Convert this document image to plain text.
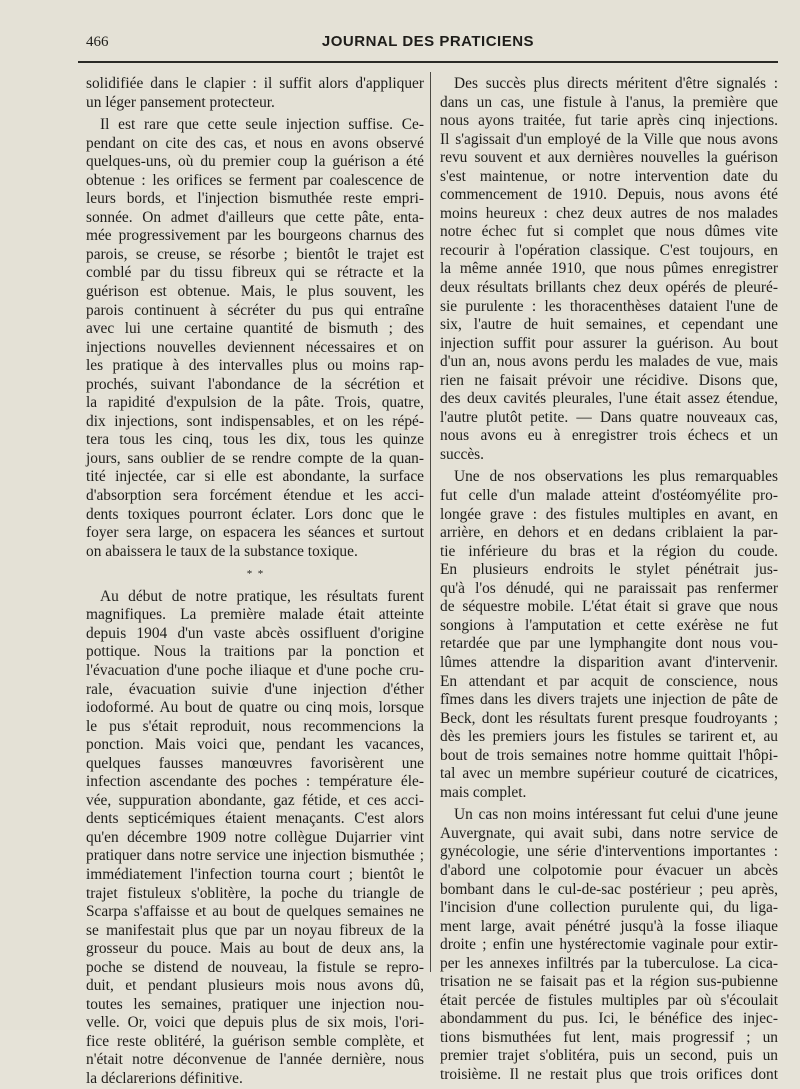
466	JOURNAL DES PRATICIENS
solidifiée dans le clapier : il suffit alors d'appliquer
un léger pansement protecteur.
Il est rare que cette seule injection suffise. Ce-
pendant on cite des cas, et nous en avons observé
quelques-uns, où du premier coup la guérison a été
obtenue : les orifices se ferment par coalescence de
leurs bords, et l'injection bismuthée reste empri-
sonnée. On admet d'ailleurs que cette pâte, enta-
mée progressivement par les bourgeons charnus des
parois, se creuse, se résorbe ; bientôt le trajet est
comblé par du tissu fibreux qui se rétracte et la
guérison est obtenue. Mais, le plus souvent, les
parois continuent à sécréter du pus qui entraîne
avec lui une certaine quantité de bismuth ; des
injections nouvelles deviennent nécessaires et on
les pratique à des intervalles plus ou moins rap-
prochés, suivant l'abondance de la sécrétion et
la rapidité d'expulsion de la pâte. Trois, quatre,
dix injections, sont indispensables, et on les répé-
tera tous les cinq, tous les dix, tous les quinze
jours, sans oublier de se rendre compte de la quan-
tité injectée, car si elle est abondante, la surface
d'absorption sera forcément étendue et les acci-
dents toxiques pourront éclater. Lors donc que le
foyer sera large, on espacera les séances et surtout
on abaissera le taux de la substance toxique.
* *
Au début de notre pratique, les résultats furent
magnifiques. La première malade était atteinte
depuis 1904 d'un vaste abcès ossifluent d'origine
pottique. Nous la traitions par la ponction et
l'évacuation d'une poche iliaque et d'une poche cru-
rale, évacuation suivie d'une injection d'éther
iodoformé. Au bout de quatre ou cinq mois, lorsque
le pus s'était reproduit, nous recommencions la
ponction. Mais voici que, pendant les vacances,
quelques fausses manœuvres favorisèrent une
infection ascendante des poches : température éle-
vée, suppuration abondante, gaz fétide, et ces acci-
dents septicémiques étaient menaçants. C'est alors
qu'en décembre 1909 notre collègue Dujarrier vint
pratiquer dans notre service une injection bismuthée ;
immédiatement l'infection tourna court ; bientôt le
trajet fistuleux s'oblitère, la poche du triangle de
Scarpa s'affaisse et au bout de quelques semaines ne
se manifestait plus que par un noyau fibreux de la
grosseur du pouce. Mais au bout de deux ans, la
poche se distend de nouveau, la fistule se repro-
duit, et pendant plusieurs mois nous avons dû,
toutes les semaines, pratiquer une injection nou-
velle. Or, voici que depuis plus de six mois, l'ori-
fice reste oblitéré, la guérison semble complète, et
n'était notre déconvenue de l'année dernière, nous
la déclarerions définitive.
Des succès plus directs méritent d'être signalés :
dans un cas, une fistule à l'anus, la première que
nous ayons traitée, fut tarie après cinq injections.
Il s'agissait d'un employé de la Ville que nous avons
revu souvent et aux dernières nouvelles la guérison
s'est maintenue, or notre intervention date du
commencement de 1910. Depuis, nous avons été
moins heureux : chez deux autres de nos malades
notre échec fut si complet que nous dûmes vite
recourir à l'opération classique. C'est toujours, en
la même année 1910, que nous pûmes enregistrer
deux résultats brillants chez deux opérés de pleuré-
sie purulente : les thoracenthèses dataient l'une de
six, l'autre de huit semaines, et cependant une
injection suffit pour assurer la guérison. Au bout
d'un an, nous avons perdu les malades de vue, mais
rien ne faisait prévoir une récidive. Disons que,
des deux cavités pleurales, l'une était assez étendue,
l'autre plutôt petite. — Dans quatre nouveaux cas,
nous avons eu à enregistrer trois échecs et un
succès.
Une de nos observations les plus remarquables
fut celle d'un malade atteint d'ostéomyélite pro-
longée grave : des fistules multiples en avant, en
arrière, en dehors et en dedans criblaient la par-
tie inférieure du bras et la région du coude.
En plusieurs endroits le stylet pénétrait jus-
qu'à l'os dénudé, qui ne paraissait pas renfermer
de séquestre mobile. L'état était si grave que nous
songions à l'amputation et cette exérèse ne fut
retardée que par une lymphangite dont nous vou-
lûmes attendre la disparition avant d'intervenir.
En attendant et par acquit de conscience, nous
fîmes dans les divers trajets une injection de pâte de
Beck, dont les résultats furent presque foudroyants ;
dès les premiers jours les fistules se tarirent et, au
bout de trois semaines notre homme quittait l'hôpi-
tal avec un membre supérieur couturé de cicatrices,
mais complet.
Un cas non moins intéressant fut celui d'une jeune
Auvergnate, qui avait subi, dans notre service de
gynécologie, une série d'interventions importantes :
d'abord une colpotomie pour évacuer un abcès
bombant dans le cul-de-sac postérieur ; peu après,
l'incision d'une collection purulente qui, du liga-
ment large, avait pénétré jusqu'à la fosse iliaque
droite ; enfin une hystérectomie vaginale pour extir-
per les annexes infiltrés par la tuberculose. La cica-
trisation ne se faisait pas et la région sus-pubienne
était percée de fistules multiples par où s'écoulait
abondamment du pus. Ici, le bénéfice des injec-
tions bismuthées fut lent, mais progressif ; un
premier trajet s'oblitéra, puis un second, puis un
troisième. Il ne restait plus que trois orifices dont
